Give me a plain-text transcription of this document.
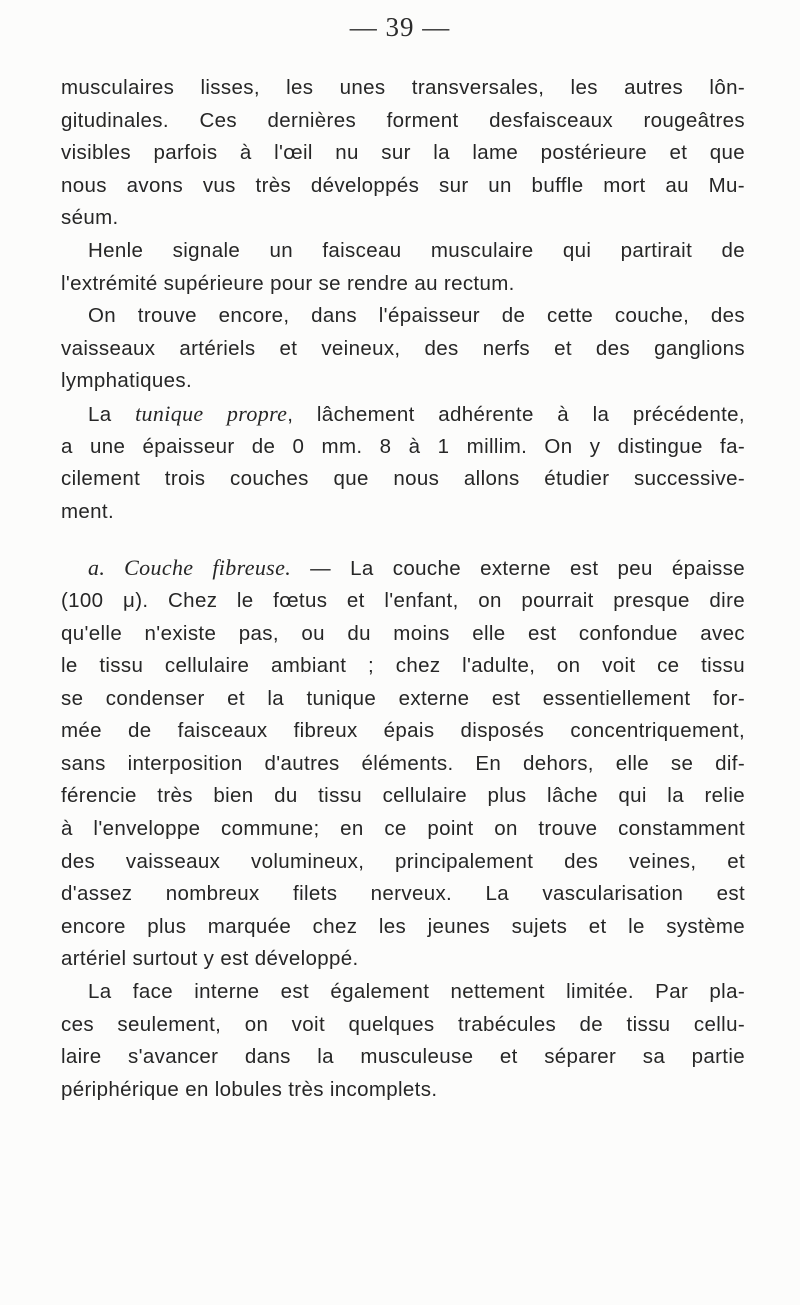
— 39 —
musculaires lisses, les unes transversales, les autres lôn-
gitudinales. Ces dernières forment desfaisceaux rougeâtres
visibles parfois à l'œil nu sur la lame postérieure et que
nous avons vus très développés sur un buffle mort au Mu-
séum.
Henle signale un faisceau musculaire qui partirait de
l'extrémité supérieure pour se rendre au rectum.
On trouve encore, dans l'épaisseur de cette couche, des
vaisseaux artériels et veineux, des nerfs et des ganglions
lymphatiques.
La tunique propre, lâchement adhérente à la précédente,
a une épaisseur de 0 mm. 8 à 1 millim. On y distingue fa-
cilement trois couches que nous allons étudier successive-
ment.
a. Couche fibreuse. — La couche externe est peu épaisse
(100 μ). Chez le fœtus et l'enfant, on pourrait presque dire
qu'elle n'existe pas, ou du moins elle est confondue avec
le tissu cellulaire ambiant ; chez l'adulte, on voit ce tissu
se condenser et la tunique externe est essentiellement for-
mée de faisceaux fibreux épais disposés concentriquement,
sans interposition d'autres éléments. En dehors, elle se dif-
férencie très bien du tissu cellulaire plus lâche qui la relie
à l'enveloppe commune; en ce point on trouve constamment
des vaisseaux volumineux, principalement des veines, et
d'assez nombreux filets nerveux. La vascularisation est
encore plus marquée chez les jeunes sujets et le système
artériel surtout y est développé.
La face interne est également nettement limitée. Par pla-
ces seulement, on voit quelques trabécules de tissu cellu-
laire s'avancer dans la musculeuse et séparer sa partie
périphérique en lobules très incomplets.
